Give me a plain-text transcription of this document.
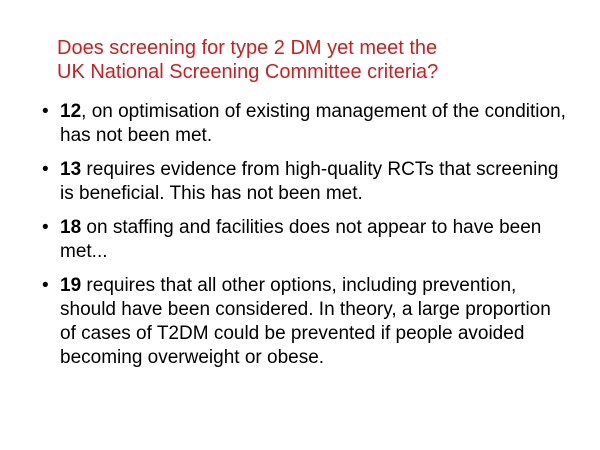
Does screening for type 2 DM yet meet the
UK National Screening Committee criteria?
• 12, on optimisation of existing management of the condition, has not been met.
• 13 requires evidence from high-quality RCTs that screening is beneficial. This has not been met.
• 18 on staffing and facilities does not appear to have been met...
• 19 requires that all other options, including prevention, should have been considered. In theory, a large proportion of cases of T2DM could be prevented if people avoided becoming overweight or obese.
